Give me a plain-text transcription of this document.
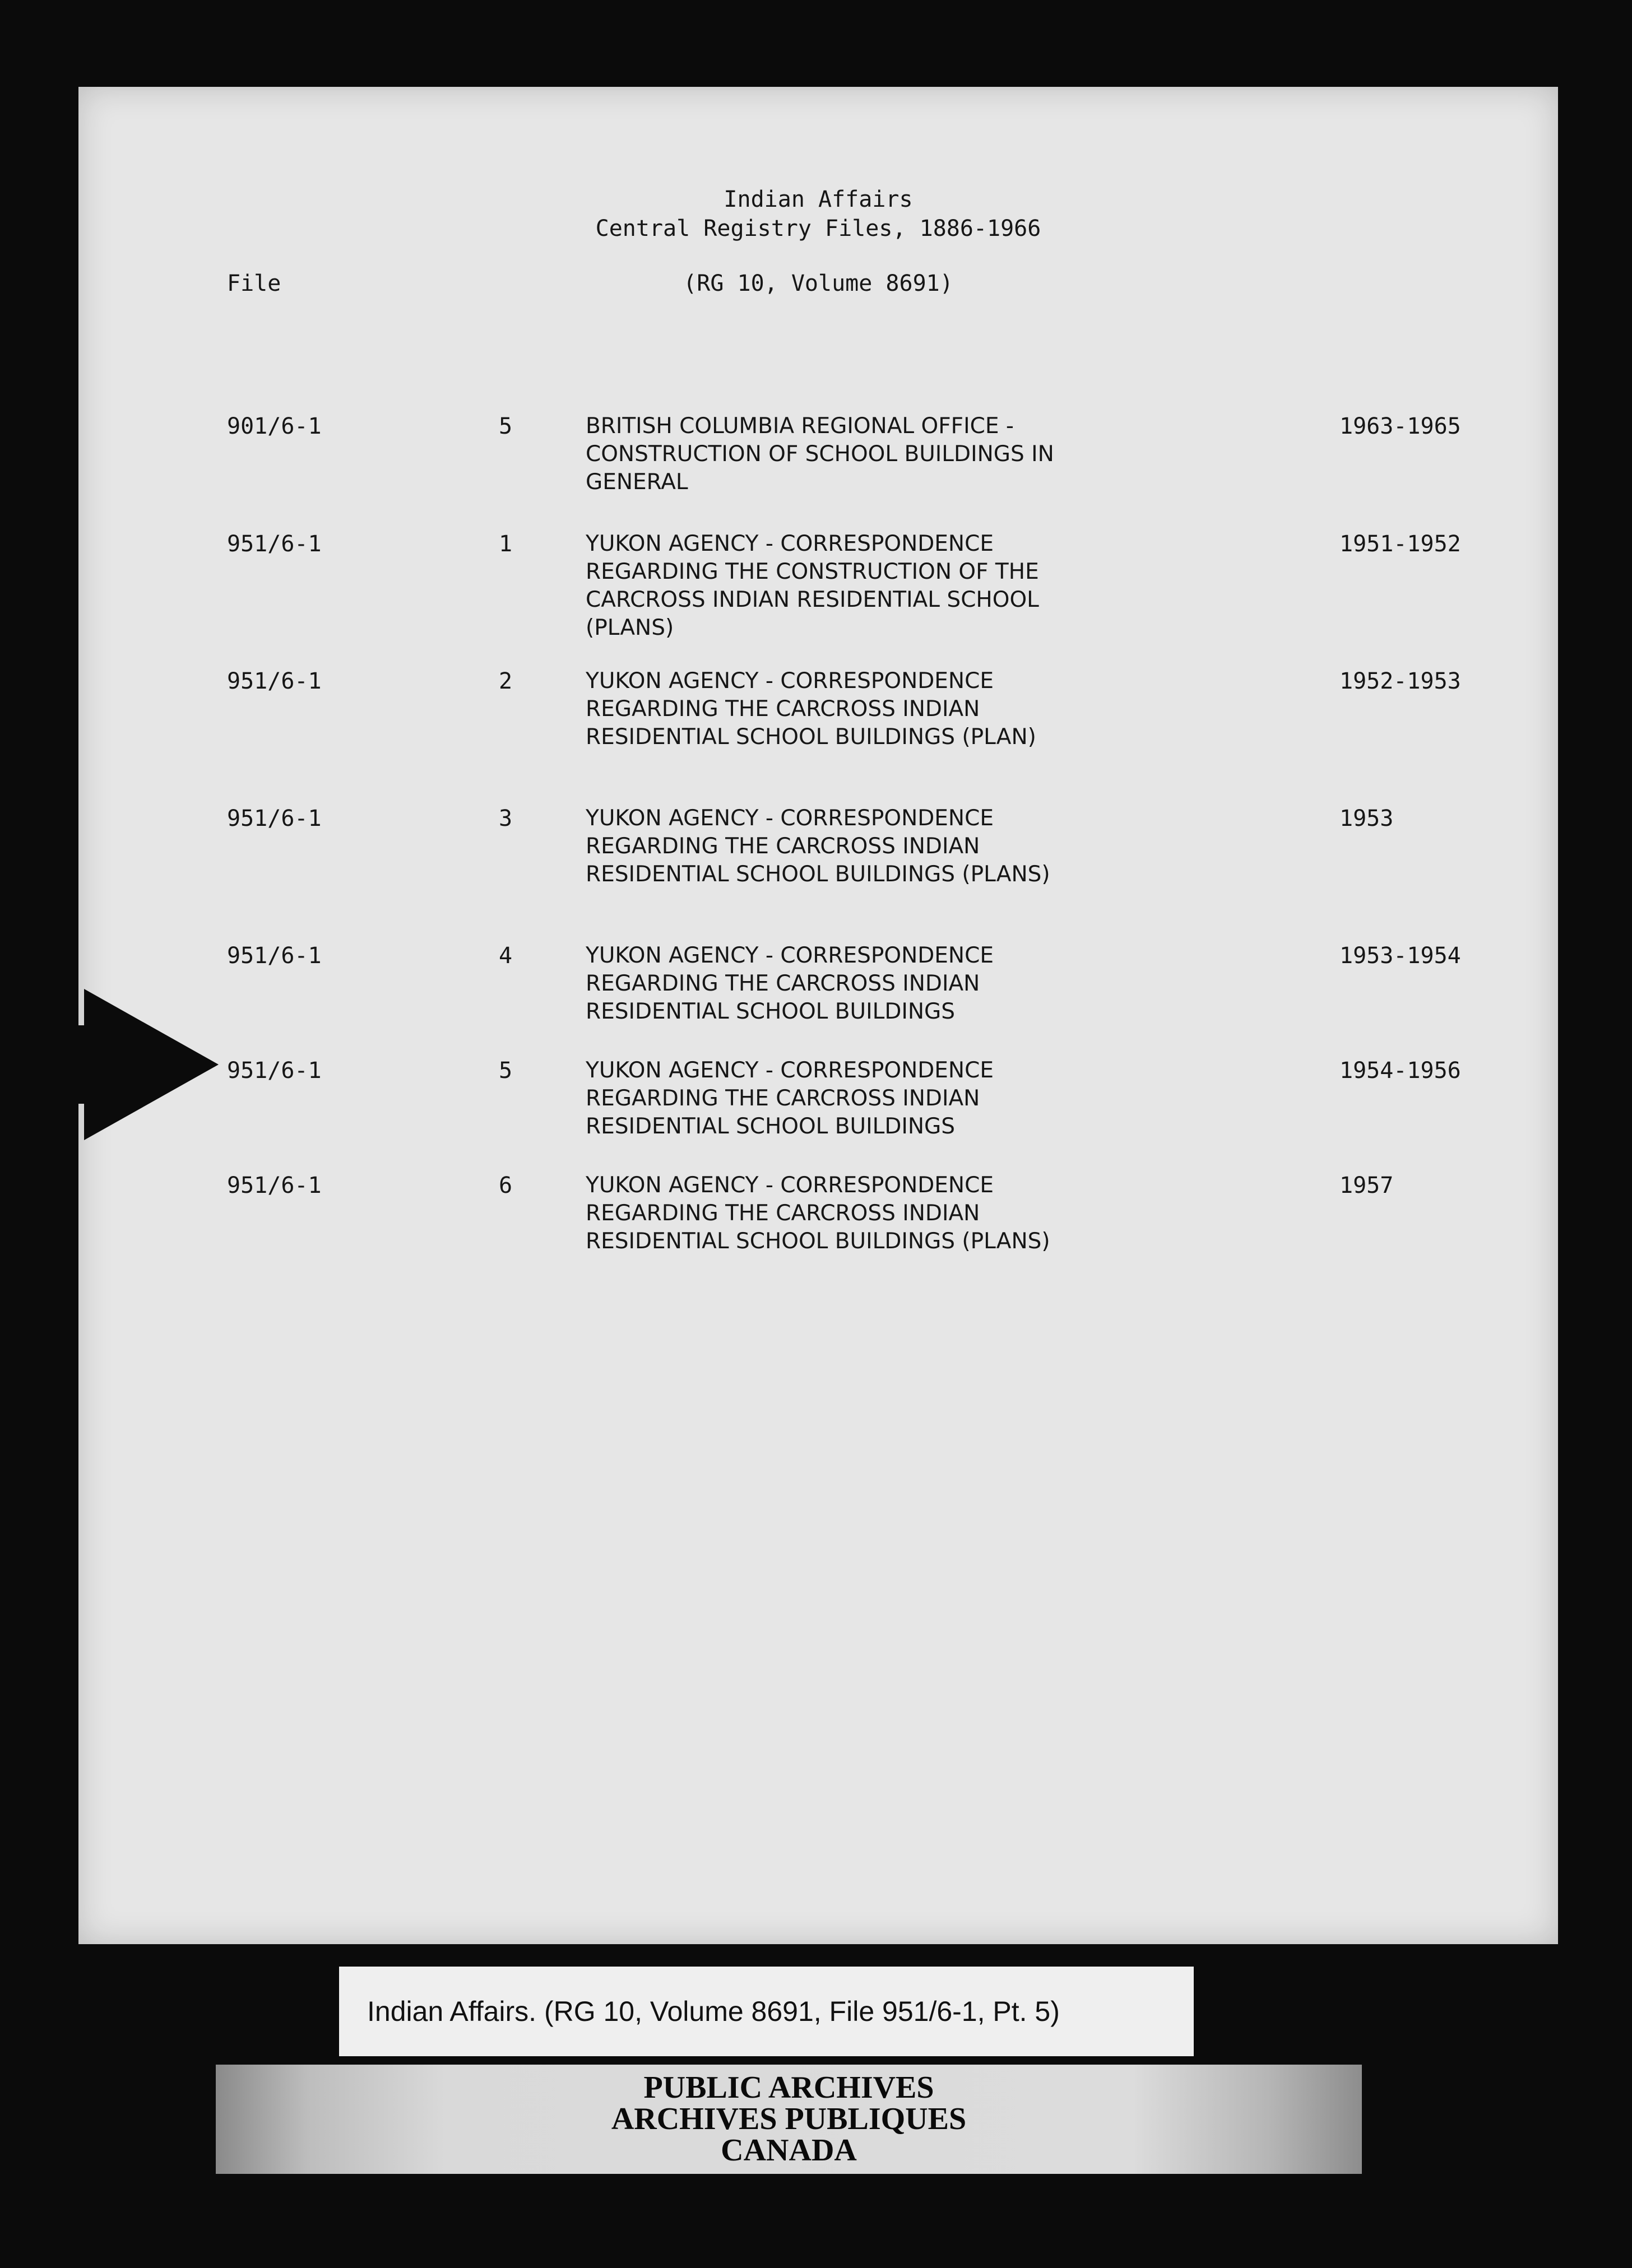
Indian Affairs
Central Registry Files, 1886-1966
File	(RG 10, Volume 8691)
901/6-1	5	BRITISH COLUMBIA REGIONAL OFFICE -
CONSTRUCTION OF SCHOOL BUILDINGS IN
GENERAL
1963-1965
951/6-1	1	YUKON AGENCY - CORRESPONDENCE
REGARDING THE CONSTRUCTION OF THE
CARCROSS INDIAN RESIDENTIAL SCHOOL
(PLANS)
1951-1952
951/6-1	2	YUKON AGENCY - CORRESPONDENCE
REGARDING THE CARCROSS INDIAN
RESIDENTIAL SCHOOL BUILDINGS (PLAN)
1952-1953
951/6-1	3	YUKON AGENCY - CORRESPONDENCE
REGARDING THE CARCROSS INDIAN
RESIDENTIAL SCHOOL BUILDINGS (PLANS)
1953
951/6-1	4	YUKON AGENCY - CORRESPONDENCE
REGARDING THE CARCROSS INDIAN
RESIDENTIAL SCHOOL BUILDINGS
1953-1954
951/6-1	5	YUKON AGENCY - CORRESPONDENCE
REGARDING THE CARCROSS INDIAN
RESIDENTIAL SCHOOL BUILDINGS
1954-1956
951/6-1	6	YUKON AGENCY - CORRESPONDENCE
REGARDING THE CARCROSS INDIAN
RESIDENTIAL SCHOOL BUILDINGS (PLANS)
1957
Indian Affairs. (RG 10, Volume 8691, File 951/6-1, Pt. 5)
PUBLIC ARCHIVES
ARCHIVES PUBLIQUES
CANADA
